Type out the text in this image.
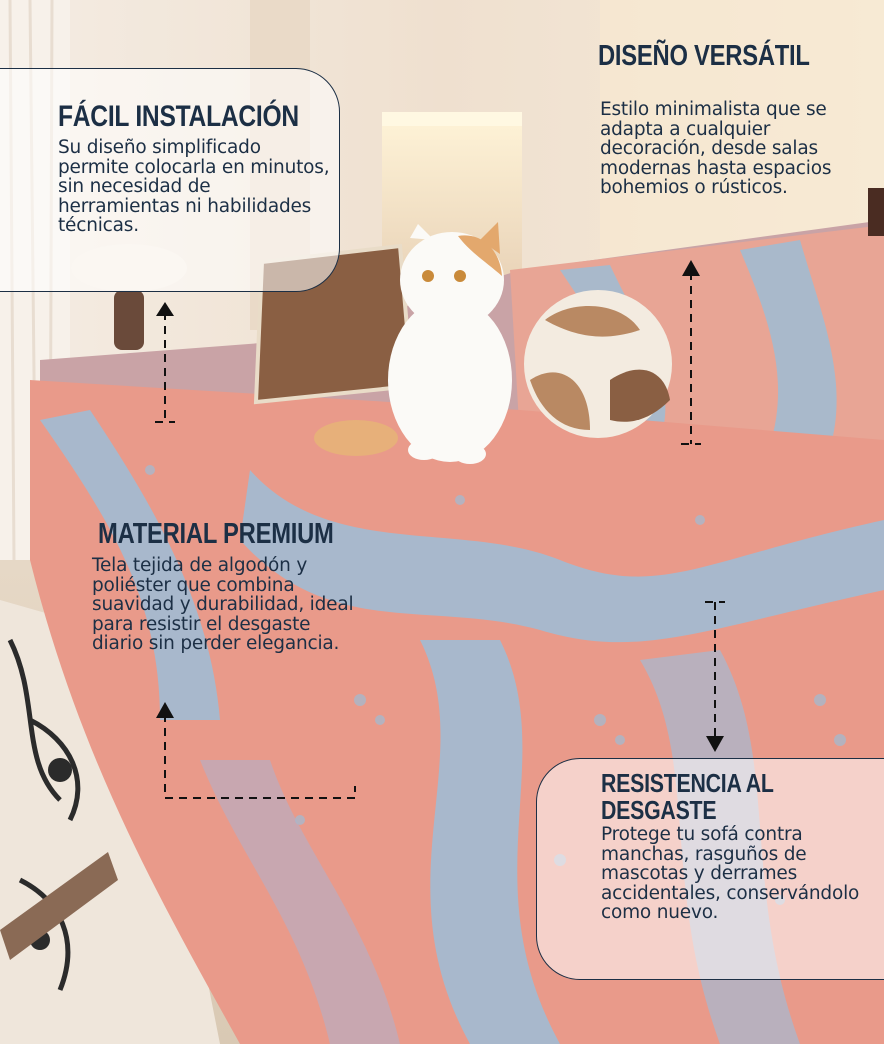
FÁCIL INSTALACIÓN
Su diseño simplificado permite colocarla en minutos, sin necesidad de herramientas ni habilidades técnicas.
DISEÑO VERSÁTIL
Estilo minimalista que se adapta a cualquier decoración, desde salas modernas hasta espacios bohemios o rústicos.
MATERIAL PREMIUM
Tela tejida de algodón y poliéster que combina suavidad y durabilidad, ideal para resistir el desgaste diario sin perder elegancia.
RESISTENCIA AL DESGASTE
Protege tu sofá contra manchas, rasguños de mascotas y derrames accidentales, conservándolo como nuevo.
